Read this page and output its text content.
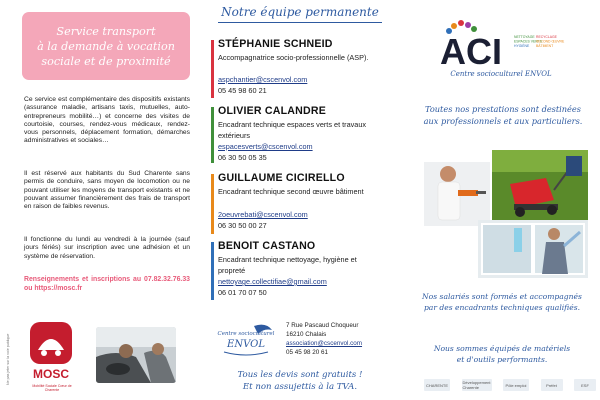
Service transport
à la demande à vocation
sociale et de proximité

Ce service est complémentaire des dispositifs existants (assurance maladie, artisans taxis, mutuelles, auto-entrepreneurs mobilité…) et concerne des visites de courtoisie, courses, rendez-vous médicaux, rendez-vous personnels, déplacement formation, démarches administratives et sociales…

Il est réservé aux habitants du Sud Charente sans permis de conduire, sans moyen de locomotion ou ne pouvant utiliser les moyens de transport existants et ne pouvant assumer financièrement des frais de transport en raison de faibles revenus.

Il fonctionne du lundi au vendredi à la journée (sauf jours fériés) sur inscription avec une adhésion et un système de réservation.

Renseignements et inscriptions au 07.82.32.76.33 ou https://mosc.fr

Ne pas jeter sur la voie publique MOSC
Mobilité Sociale Cœur de Charente
Notre équipe permanente
STÉPHANIE SCHNEID
Accompagnatrice socio-professionnelle (ASP).
aspchantier@cscenvol.com
05 45 98 60 21
OLIVIER CALANDRE
Encadrant technique espaces verts et travaux extérieurs
espacesverts@cscenvol.com
06 30 50 05 35
GUILLAUME CICIRELLO
Encadrant technique second œuvre bâtiment
2oeuvrebati@cscenvol.com
06 30 50 00 27
BENOIT CASTANO
Encadrant technique nettoyage, hygiène et propreté
nettoyage.collectifiae@gmail.com
06 01 70 07 50
Centre socioculturel
ENVOL
7 Rue Pascaud Choqueur
16210 Chalais
association@cscenvol.com
05 45 98 20 61
Tous les devis sont gratuits !
Et non assujettis à la TVA.
ACI	NETTOYAGE RECYCLAGE ESPACES VERTS SECOND ŒUVRE HYGIÈNE BÂTIMENT
Centre socioculturel ENVOL
Toutes nos prestations sont destinées
aux professionnels et aux particuliers.
Nos salariés sont formés et accompagnés
par des encadrants techniques qualifiés.
Nous sommes équipés de matériels
et d'outils performants.
CHARENTE	Développement Charente	Pôle emploi	Préfet	ESF
